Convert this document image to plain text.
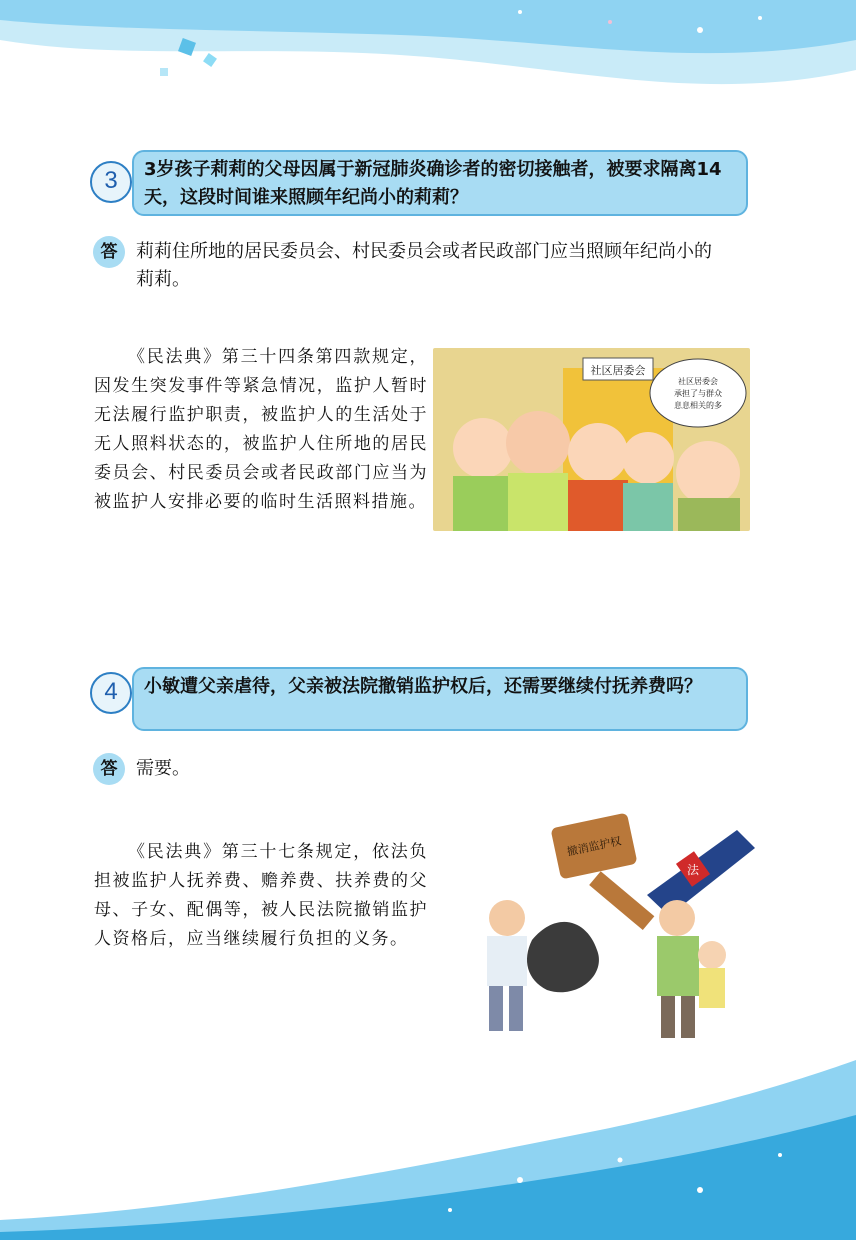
3	3岁孩子莉莉的父母因属于新冠肺炎确诊者的密切接触者，被要求隔离14天，这段时间谁来照顾年纪尚小的莉莉？
答	莉莉住所地的居民委员会、村民委员会或者民政部门应当照顾年纪尚小的莉莉。
《民法典》第三十四条第四款规定，因发生突发事件等紧急情况，监护人暂时无法履行监护职责，被监护人的生活处于无人照料状态的，被监护人住所地的居民委员会、村民委员会或者民政部门应当为被监护人安排必要的临时生活照料措施。
社区居委会
社区居委会
承担了与群众
息息相关的多
4	小敏遭父亲虐待，父亲被法院撤销监护权后，还需要继续付抚养费吗？
答	需要。
《民法典》第三十七条规定，依法负担被监护人抚养费、赡养费、扶养费的父母、子女、配偶等，被人民法院撤销监护人资格后，应当继续履行负担的义务。
撤消监护权
法
